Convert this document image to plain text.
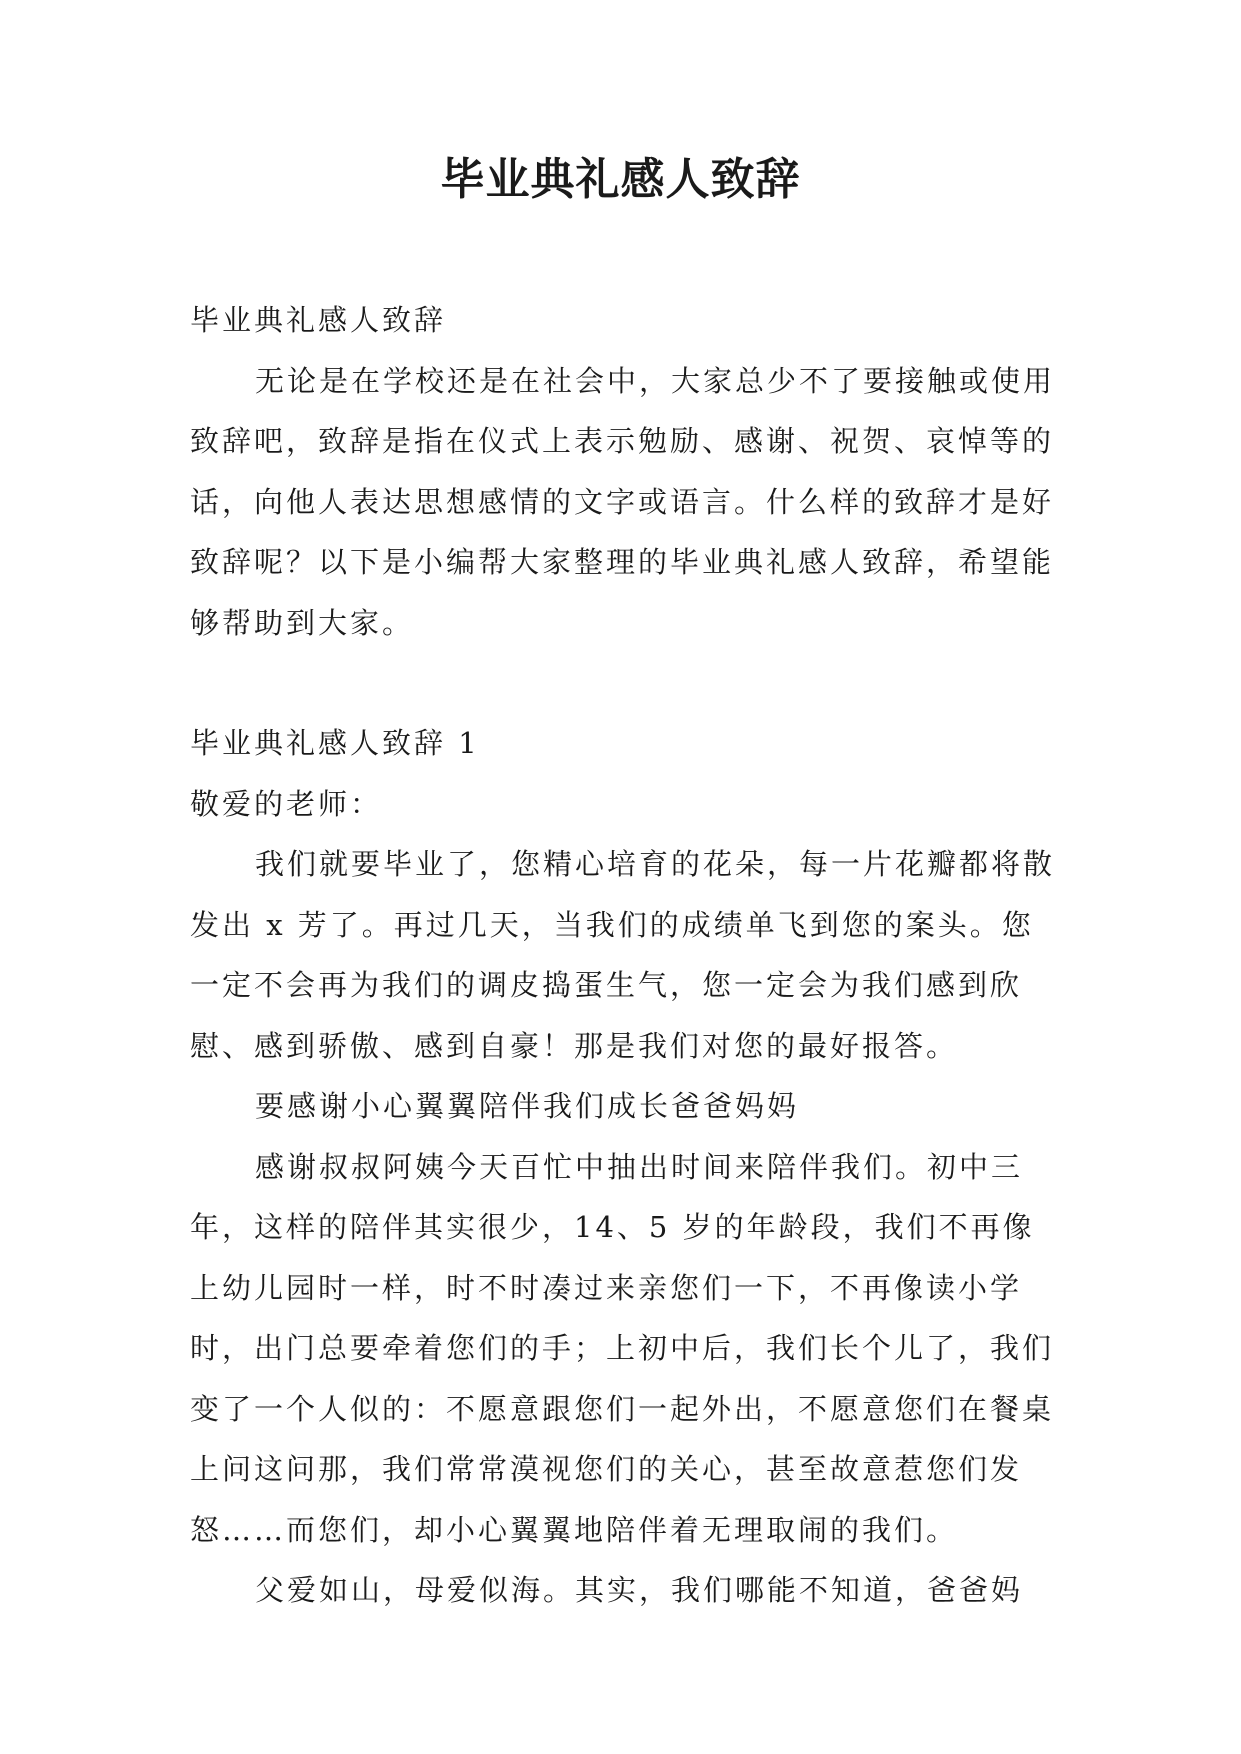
毕业典礼感人致辞

毕业典礼感人致辞

无论是在学校还是在社会中，大家总少不了要接触或使用致辞吧，致辞是指在仪式上表示勉励、感谢、祝贺、哀悼等的话，向他人表达思想感情的文字或语言。什么样的致辞才是好致辞呢？以下是小编帮大家整理的毕业典礼感人致辞，希望能够帮助到大家。

毕业典礼感人致辞 1

敬爱的老师：

我们就要毕业了，您精心培育的花朵，每一片花瓣都将散发出 x 芳了。再过几天，当我们的成绩单飞到您的案头。您一定不会再为我们的调皮捣蛋生气，您一定会为我们感到欣慰、感到骄傲、感到自豪！那是我们对您的最好报答。

要感谢小心翼翼陪伴我们成长爸爸妈妈

感谢叔叔阿姨今天百忙中抽出时间来陪伴我们。初中三年，这样的陪伴其实很少，14、5 岁的年龄段，我们不再像上幼儿园时一样，时不时凑过来亲您们一下，不再像读小学时，出门总要牵着您们的手；上初中后，我们长个儿了，我们变了一个人似的：不愿意跟您们一起外出，不愿意您们在餐桌上问这问那，我们常常漠视您们的关心，甚至故意惹您们发怒……而您们，却小心翼翼地陪伴着无理取闹的我们。

父爱如山，母爱似海。其实，我们哪能不知道，爸爸妈
